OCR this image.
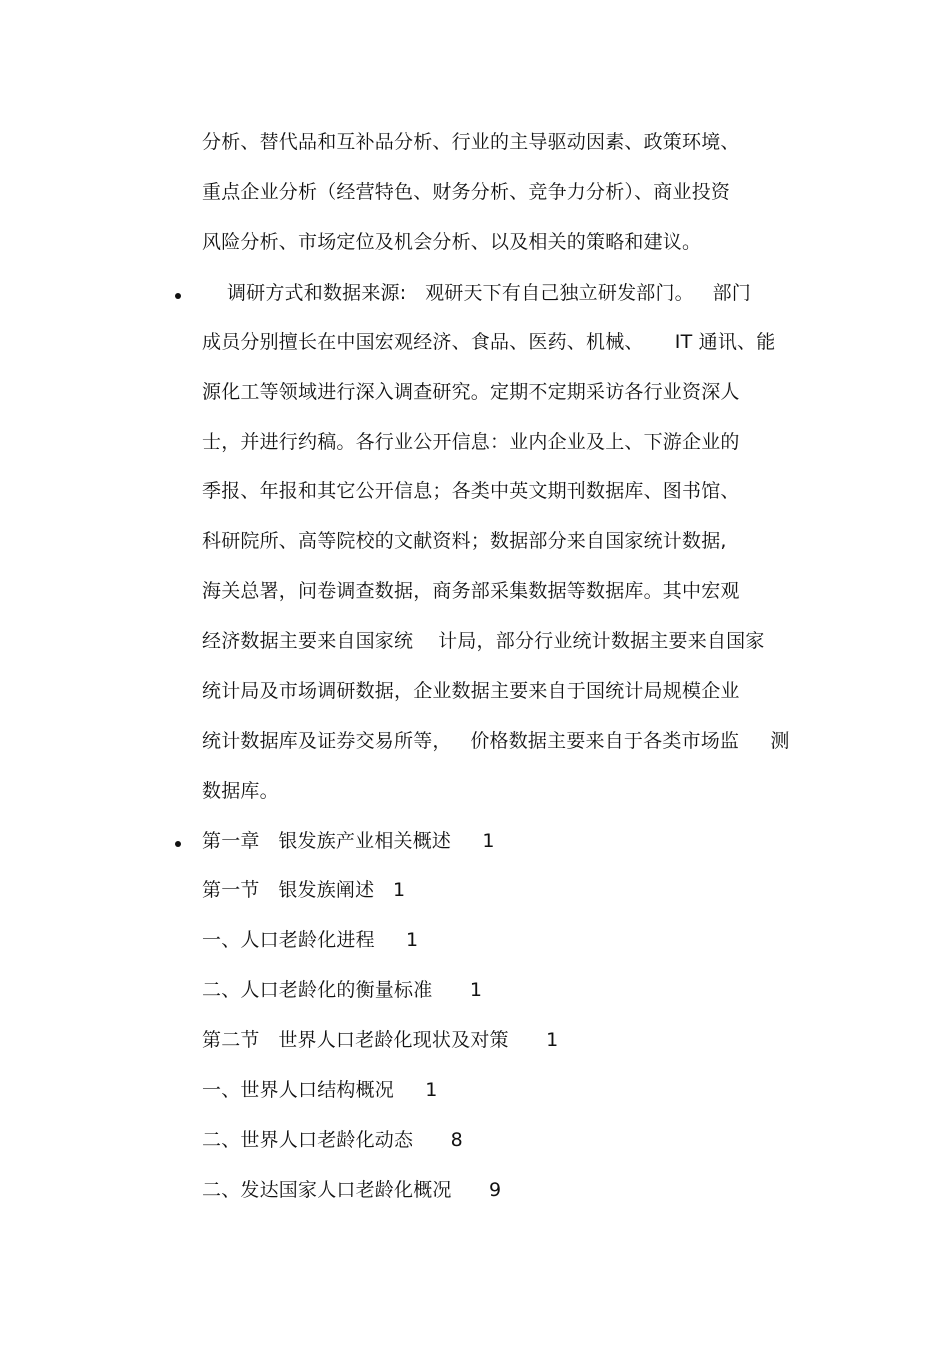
分析、替代品和互补品分析、行业的主导驱动因素、政策环境、
重点企业分析（经营特色、财务分析、竞争力分析）、商业投资
风险分析、市场定位及机会分析、以及相关的策略和建议。
调研方式和数据来源:   观研天下有自己独立研发部门。   部门
成员分别擅长在中国宏观经济、食品、医药、机械、     IT 通讯、能
源化工等领域进行深入调查研究。定期不定期采访各行业资深人
士，并进行约稿。各行业公开信息：业内企业及上、下游企业的
季报、年报和其它公开信息；各类中英文期刊数据库、图书馆、
科研院所、高等院校的文献资料；数据部分来自国家统计数据,
海关总署，问卷调查数据，商务部采集数据等数据库。其中宏观
经济数据主要来自国家统    计局，部分行业统计数据主要来自国家
统计局及市场调研数据，企业数据主要来自于国统计局规模企业
统计数据库及证券交易所等，   价格数据主要来自于各类市场监     测
数据库。
第一章   银发族产业相关概述     1
第一节   银发族阐述   1
一、人口老龄化进程     1
二、人口老龄化的衡量标准      1
第二节   世界人口老龄化现状及对策      1
一、世界人口结构概况     1
二、世界人口老龄化动态      8
二、发达国家人口老龄化概况      9
